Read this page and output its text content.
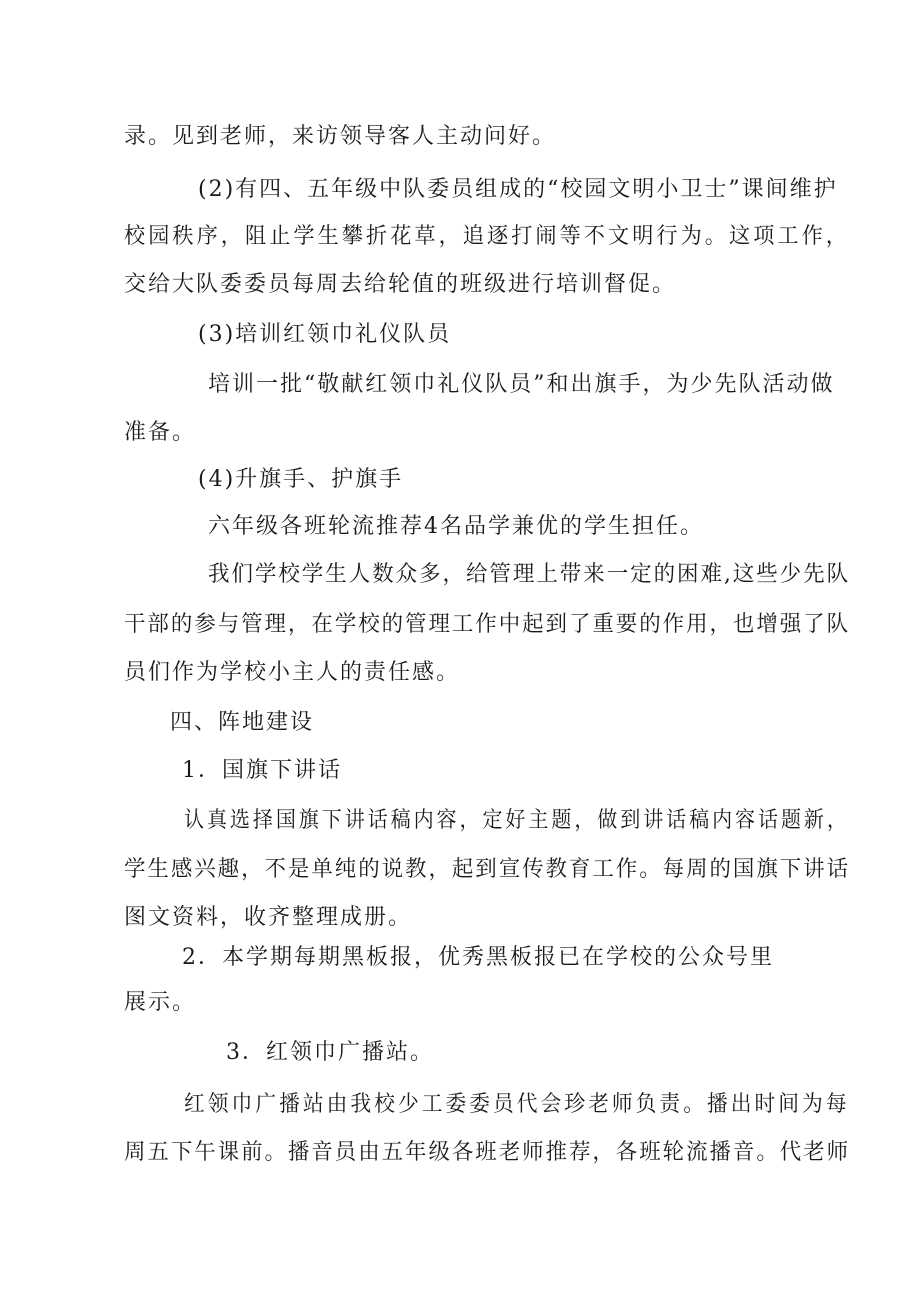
录。见到老师，来访领导客人主动问好。
(2)有四、五年级中队委员组成的“校园文明小卫士”课间维护
校园秩序，阻止学生攀折花草，追逐打闹等不文明行为。这项工作，
交给大队委委员每周去给轮值的班级进行培训督促。
(3)培训红领巾礼仪队员
培训一批“敬献红领巾礼仪队员”和出旗手，为少先队活动做
准备。
(4)升旗手、护旗手
六年级各班轮流推荐4名品学兼优的学生担任。
我们学校学生人数众多，给管理上带来一定的困难,这些少先队
干部的参与管理，在学校的管理工作中起到了重要的作用，也增强了队
员们作为学校小主人的责任感。
四、阵地建设
1．国旗下讲话
认真选择国旗下讲话稿内容，定好主题，做到讲话稿内容话题新，
学生感兴趣，不是单纯的说教，起到宣传教育工作。每周的国旗下讲话
图文资料，收齐整理成册。
2．本学期每期黑板报，优秀黑板报已在学校的公众号里
展示。
3．红领巾广播站。
红领巾广播站由我校少工委委员代会珍老师负责。播出时间为每
周五下午课前。播音员由五年级各班老师推荐，各班轮流播音。代老师
